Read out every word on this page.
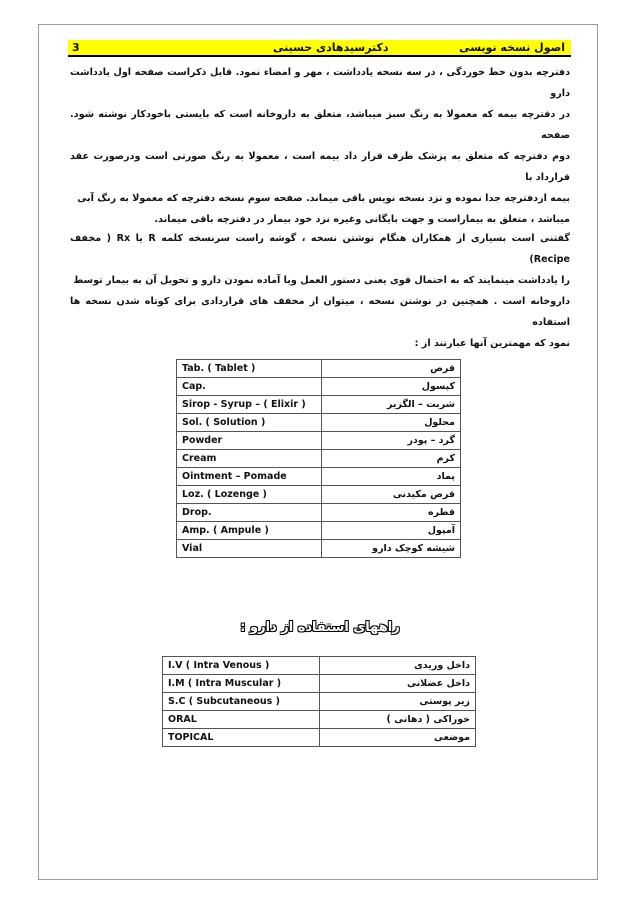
3	دکترسیدهادی حسینی	اصول نسخه نویسی

دفترچه بدون خط خوردگی ، در سه نسخه یادداشت ، مهر و امضاء نمود. قابل ذکراست صفحه اول یادداشت دارو

در دفترچه بیمه که معمولا به رنگ سبز میباشد، متعلق به داروخانه است که بایستی باخودکار نوشته شود. صفحه

دوم دفترچه که متعلق به پزشک طرف قرار داد بیمه است ، معمولا به رنگ صورتی است ودرصورت عقد قرارداد با

بیمه ازدفترچه جدا نموده و نزد نسخه نویس باقی میماند. صفحه سوم نسخه دفترچه که معمولا به رنگ آبی

میباشد ، متعلق به بیماراست و جهت بایگانی وغیره نزد خود بیمار در دفترچه باقی میماند.

گفتنی است بسیاری از همکاران هنگام نوشتن نسخه ، گوشه راست سرنسخه کلمه R یا Rx ( مخفف Recipe)

را یادداشت مینمایند که به احتمال قوی یعنی دستور العمل ویا آماده نمودن دارو و تحویل آن به بیمار توسط

داروخانه است . همچنین در نوشتن نسخه ، میتوان از مخفف های قراردادی برای کوتاه شدن نسخه ها استفاده

نمود که مهمترین آنها عبارتند از :

Tab. ( Tablet )	قرص
Cap.	کپسول
Sirop - Syrup – ( Elixir )	شربت – الگزیر
Sol. ( Solution )	محلول
Powder	گرد – پودر
Cream	کرم
Ointment – Pomade	پماد
Loz. ( Lozenge )	قرص مکیدنی
Drop.	قطره
Amp. ( Ampule )	آمپول
Vial	شیشه کوچک دارو
راههای استفاده از دارو :
I.V ( Intra Venous )	داخل وریدی
I.M ( Intra Muscular )	داخل عضلانی
S.C ( Subcutaneous )	زیر پوستی
ORAL	خوراکی ( دهانی )
TOPICAL	موضعی
